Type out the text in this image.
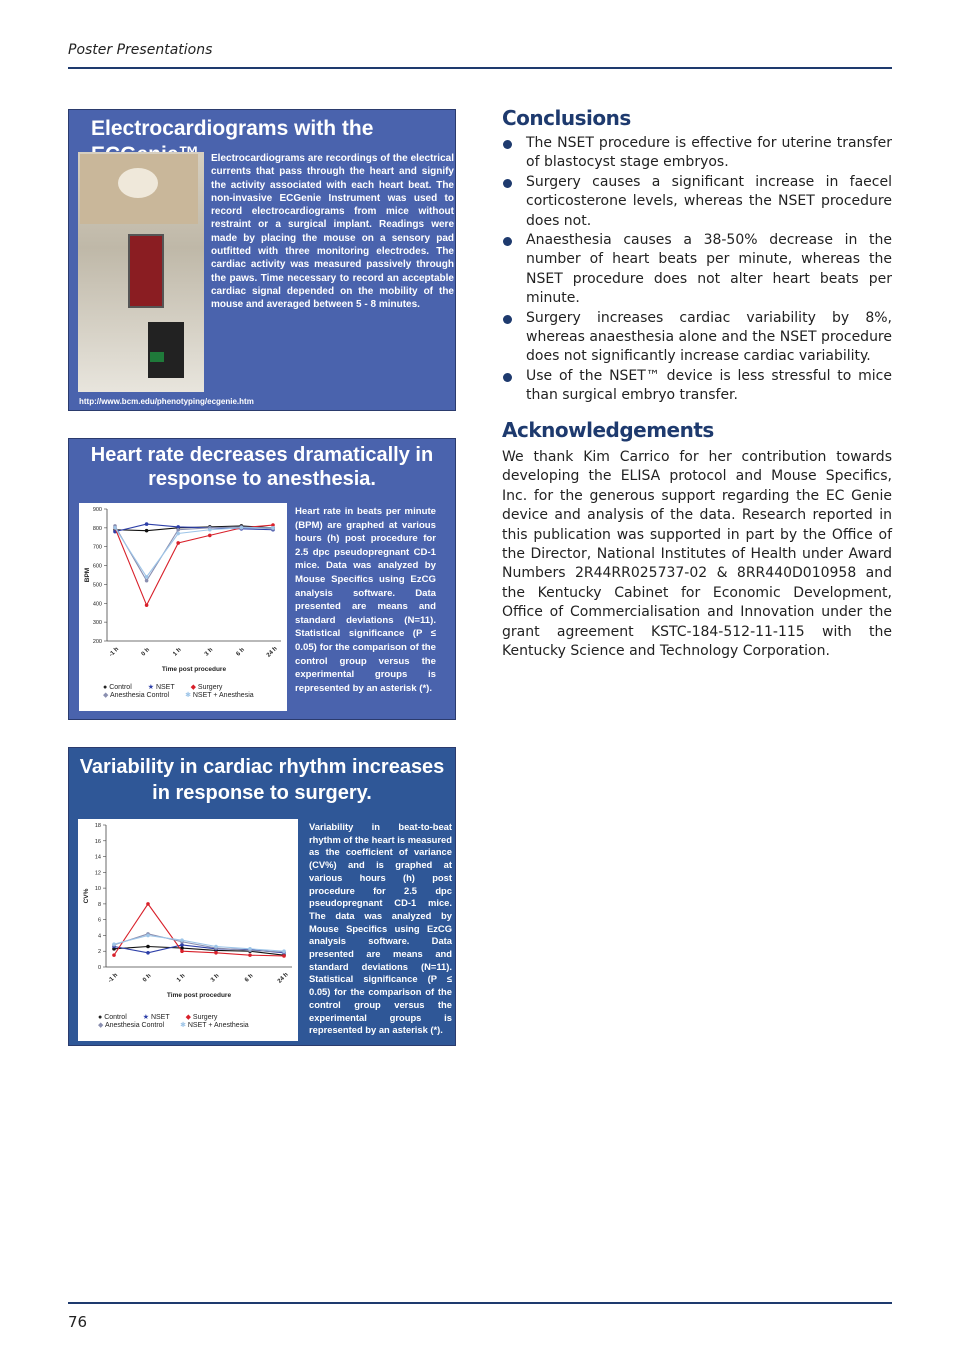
Poster Presentations
Electrocardiograms with the
Electrocardiograms are recordings of the electrical currents that pass through the heart and signify the activity associated with each heart beat. The non-invasive ECGenie Instrument was used to record electrocardiograms from mice without restraint or a surgical implant. Readings were made by placing the mouse on a sensory pad outfitted with three monitoring electrodes. The cardiac activity was measured passively through the paws. Time necessary to record an acceptable cardiac signal depended on the mobility of the mouse and averaged between 5 - 8 minutes.
http://www.bcm.edu/phenotyping/ecgenie.htm
Heart rate decreases dramatically in response to anesthesia.
200
300
400
500
600
700
800
900
-1 h	0 h	1 h	3 h	6 h	24 h
Time post procedure
BPM
● Control ★ NSET ◆ Surgery
◆ Anesthesia Control ✱ NSET + Anesthesia
Heart rate in beats per minute (BPM) are graphed at various hours (h) post procedure for 2.5 dpc pseudopregnant CD-1 mice. Data was analyzed by Mouse Specifics using EzCG analysis software. Data presented are means and standard deviations (N=11). Statistical significance (P ≤ 0.05) for the comparison of the control group versus the experimental groups is represented by an asterisk (*).
Variability in cardiac rhythm increases in response to surgery.
0
2
4
6
8
10
12
14
16
18
-1 h	0 h	1 h	3 h	6 h	24 h
Time post procedure
CV%
● Control ★ NSET ◆ Surgery
◆ Anesthesia Control ✱ NSET + Anesthesia
Variability in beat-to-beat rhythm of the heart is measured as the coefficient of variance (CV%) and is graphed at various hours (h) post procedure for 2.5 dpc pseudopregnant CD-1 mice. The data was analyzed by Mouse Specifics using EzCG analysis software. Data presented are means and standard deviations (N=11). Statistical significance (P ≤ 0.05) for the comparison of the control group versus the experimental groups is represented by an asterisk (*).
Conclusions
The NSET procedure is effective for uterine transfer of blastocyst stage embryos.
Surgery causes a significant increase in faecel corticosterone levels, whereas the NSET procedure does not.
Anaesthesia causes a 38-50% decrease in the number of heart beats per minute, whereas the NSET procedure does not alter heart beats per minute.
Surgery increases cardiac variability by 8%, whereas anaesthesia alone and the NSET procedure does not significantly increase cardiac variability.
Use of the NSET™ device is less stressful to mice than surgical embryo transfer.
Acknowledgements
We thank Kim Carrico for her contribution towards developing the ELISA protocol and Mouse Specifics, Inc. for the generous support regarding the EC Genie device and analysis of the data. Research reported in this publication was supported in part by the Office of the Director, National Institutes of Health under Award Numbers 2R44RR025737-02 & 8RR440D010958 and the Kentucky Cabinet for Economic Development, Office of Commercialisation and Innovation under the grant agreement KSTC-184-512-11-115 with the Kentucky Science and Technology Corporation.
76
